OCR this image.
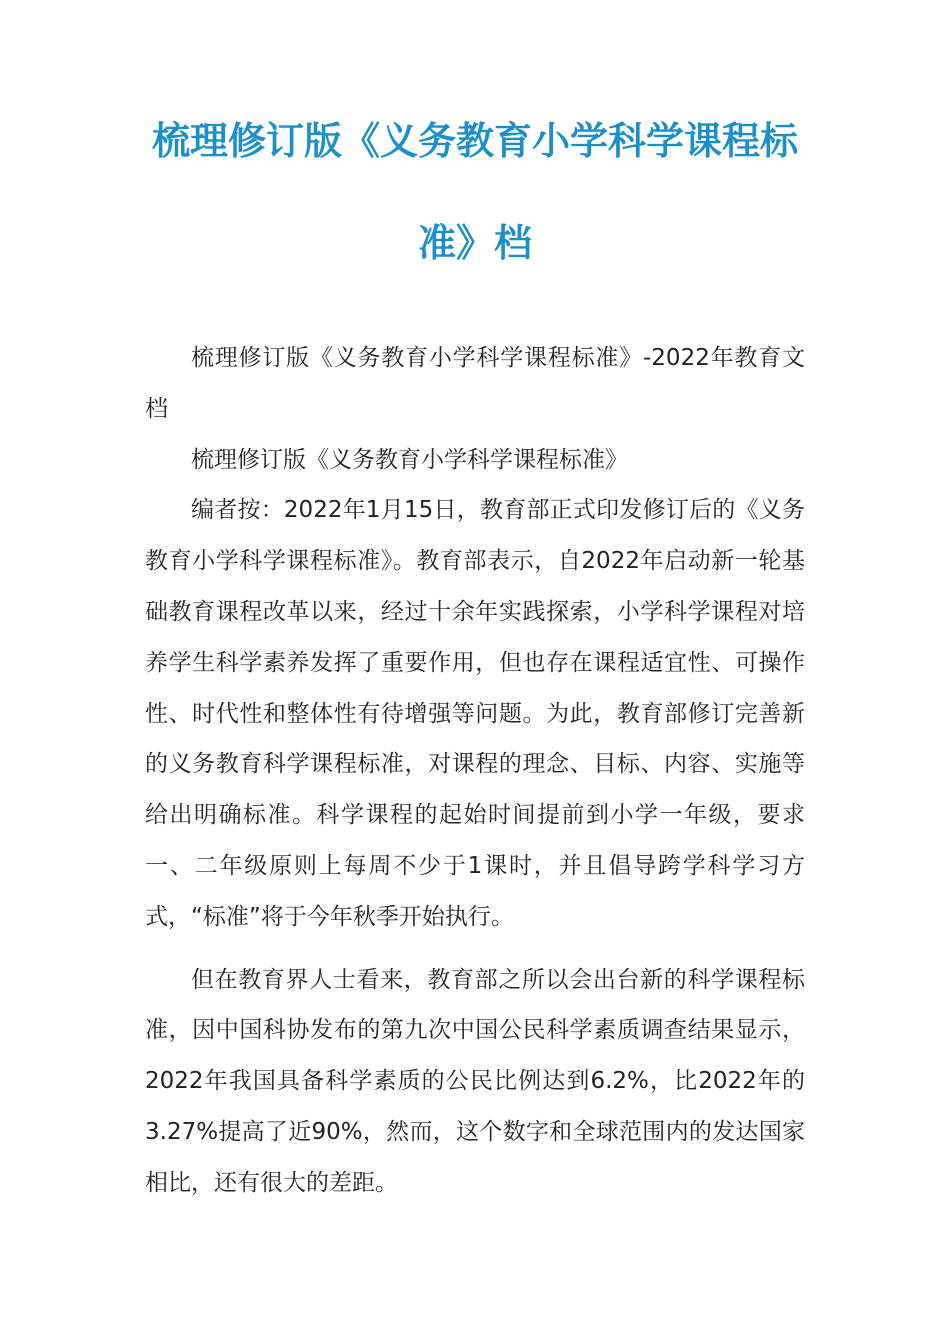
梳理修订版《义务教育小学科学课程标
准》档

梳理修订版《义务教育小学科学课程标准》-2022年教育文档

梳理修订版《义务教育小学科学课程标准》

编者按：2022年1月15日，教育部正式印发修订后的《义务教育小学科学课程标准》。教育部表示，自2022年启动新一轮基础教育课程改革以来，经过十余年实践探索，小学科学课程对培养学生科学素养发挥了重要作用，但也存在课程适宜性、可操作性、时代性和整体性有待增强等问题。为此，教育部修订完善新的义务教育科学课程标准，对课程的理念、目标、内容、实施等给出明确标准。科学课程的起始时间提前到小学一年级，要求一、二年级原则上每周不少于1课时，并且倡导跨学科学习方式，“标准”将于今年秋季开始执行。

但在教育界人士看来，教育部之所以会出台新的科学课程标准，因中国科协发布的第九次中国公民科学素质调查结果显示，2022年我国具备科学素质的公民比例达到6.2%，比2022年的3.27%提高了近90%，然而，这个数字和全球范围内的发达国家相比，还有很大的差距。
